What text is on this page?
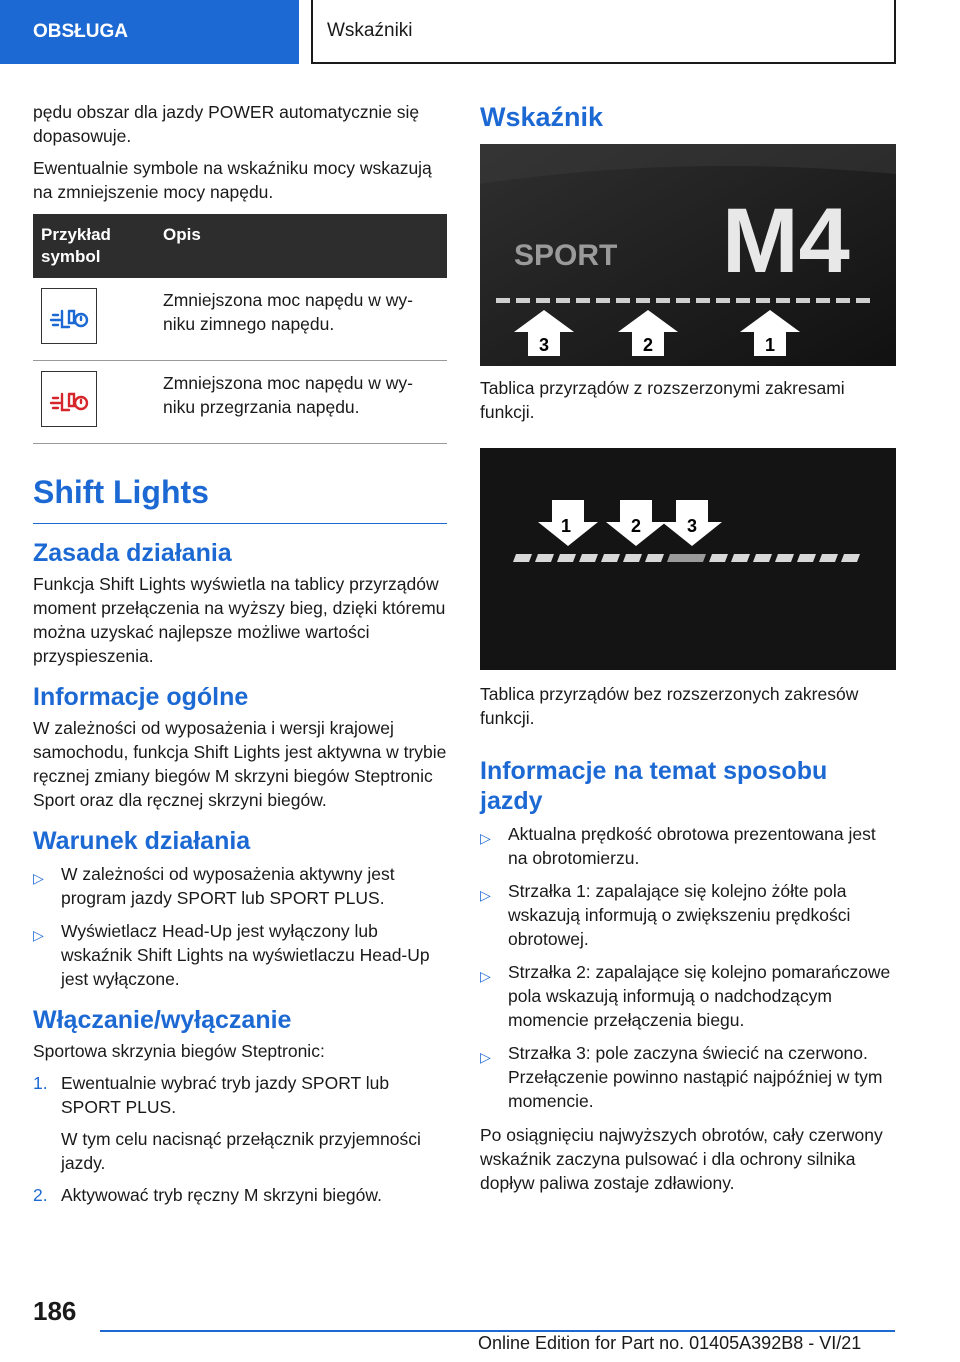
OBSŁUGA	Wskaźniki

pędu obszar dla jazdy POWER automatycznie się dopasowuje.

Ewentualnie symbole na wskaźniku mocy wskazują na zmniejszenie mocy napędu.

Przykład symbol	Opis

	Zmniejszona moc napędu w wyniku zimnego napędu.

	Zmniejszona moc napędu w wyniku przegrzania napędu.
Shift Lights
Zasada działania

Funkcja Shift Lights wyświetla na tablicy przyrządów moment przełączenia na wyższy bieg, dzięki któremu można uzyskać najlepsze możliwe wartości przyspieszenia.

Informacje ogólne

W zależności od wyposażenia i wersji krajowej samochodu, funkcja Shift Lights jest aktywna w trybie ręcznej zmiany biegów M skrzyni biegów Steptronic Sport oraz dla ręcznej skrzyni biegów.

Warunek działania
▷ W zależności od wyposażenia aktywny jest program jazdy SPORT lub SPORT PLUS.
▷ Wyświetlacz Head-Up jest wyłączony lub wskaźnik Shift Lights na wyświetlaczu Head-Up jest wyłączone.
Włączanie/wyłączanie

Sportowa skrzynia biegów Steptronic:

1. Ewentualnie wybrać tryb jazdy SPORT lub SPORT PLUS.

W tym celu nacisnąć przełącznik przyjemności jazdy.

2. Aktywować tryb ręczny M skrzyni biegów.
Wskaźnik
SPORT M4
3	2	1

Tablica przyrządów z rozszerzonymi zakresami funkcji.

1	2	3

Tablica przyrządów bez rozszerzonych zakresów funkcji.

Informacje na temat sposobu jazdy
▷ Aktualna prędkość obrotowa prezentowana jest na obrotomierzu.
▷ Strzałka 1: zapalające się kolejno żółte pola wskazują informują o zwiększeniu prędkości obrotowej.
▷ Strzałka 2: zapalające się kolejno pomarańczowe pola wskazują informują o nadchodzącym momencie przełączenia biegu.
▷ Strzałka 3: pole zaczyna świecić na czerwono. Przełączenie powinno nastąpić najpóźniej w tym momencie.

Po osiągnięciu najwyższych obrotów, cały czerwony wskaźnik zaczyna pulsować i dla ochrony silnika dopływ paliwa zostaje zdławiony.

186
Online Edition for Part no. 01405A392B8 - VI/21
